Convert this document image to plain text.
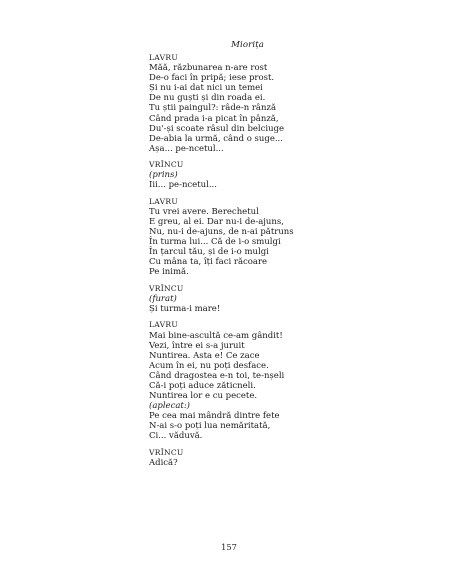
Miorița
LAVRU
Măă, răzbunarea n-are rost
De-o faci în pripă; iese prost.
Și nu i-ai dat nici un temei
De nu guști și din roada ei.
Tu știi paingul?: râde-n rânză
Când prada i-a picat în pânză,
Du'-și scoate râsul din belciuge
De-abia la urmă, când o suge...
Așa... pe-ncetul...
VRÎNCU
(prins)
Iii... pe-ncetul...
LAVRU
Tu vrei avere. Berechetul
E greu, al ei. Dar nu-i de-ajuns,
Nu, nu-i de-ajuns, de n-ai pătruns
În turma lui... Că de i-o smulgi
În țarcul tău, și de i-o mulgi
Cu mâna ta, îți faci răcoare
Pe inimă.
VRÎNCU
(furat)
Și turma-i mare!
LAVRU
Mai bine-ascultă ce-am gândit!
Vezi, între ei s-a juruit
Nuntirea. Asta e! Ce zace
Acum în ei, nu poți desface.
Când dragostea e-n toi, te-nșeli
Că-i poți aduce zăticneli.
Nuntirea lor e cu pecete.
(aplecat:)
Pe cea mai mândră dintre fete
N-ai s-o poți lua nemăritată,
Ci... văduvă.
VRÎNCU
Adică?
157
